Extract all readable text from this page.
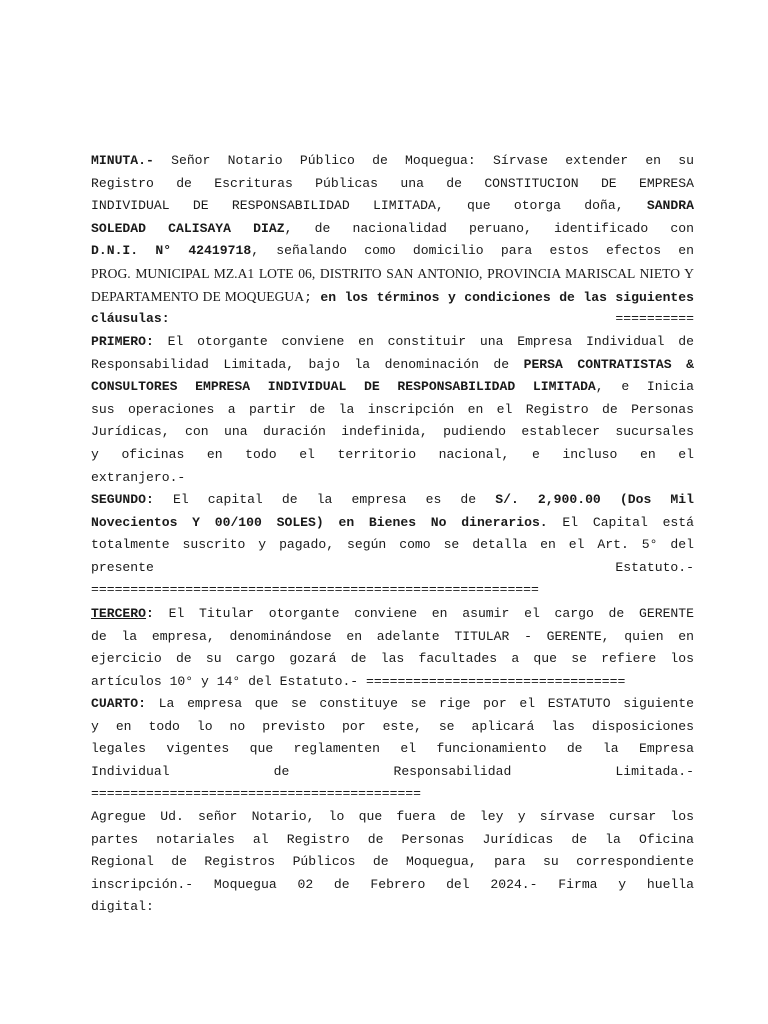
MINUTA.- Señor Notario Público de Moquegua: Sírvase extender en su
Registro de Escrituras Públicas una de CONSTITUCION DE EMPRESA
INDIVIDUAL DE RESPONSABILIDAD LIMITADA, que otorga doña, SANDRA
SOLEDAD CALISAYA DIAZ, de nacionalidad peruano, identificado con
D.N.I. N° 42419718, señalando como domicilio para estos efectos en
PROG. MUNICIPAL MZ.A1 LOTE 06, DISTRITO SAN ANTONIO, PROVINCIA MARISCAL NIETO Y
DEPARTAMENTO DE MOQUEGUA; en los términos y condiciones de las siguientes
cláusulas: ==========
PRIMERO: El otorgante conviene en constituir una Empresa Individual de
Responsabilidad Limitada, bajo la denominación de PERSA CONTRATISTAS &
CONSULTORES EMPRESA INDIVIDUAL DE RESPONSABILIDAD LIMITADA, e Inicia
sus operaciones a partir de la inscripción en el Registro de Personas
Jurídicas, con una duración indefinida, pudiendo establecer sucursales
y oficinas en todo el territorio nacional, e incluso en el
extranjero.-
SEGUNDO: El capital de la empresa es de S/. 2,900.00 (Dos Mil
Novecientos Y 00/100 SOLES) en Bienes No dinerarios. El Capital está
totalmente suscrito y pagado, según como se detalla en el Art. 5° del
presente Estatuto.-
=========================================================
TERCERO: El Titular otorgante conviene en asumir el cargo de GERENTE
de la empresa, denominándose en adelante TITULAR - GERENTE, quien en
ejercicio de su cargo gozará de las facultades a que se refiere los
artículos 10° y 14° del Estatuto.- =================================
CUARTO: La empresa que se constituye se rige por el ESTATUTO siguiente
y en todo lo no previsto por este, se aplicará las disposiciones
legales vigentes que reglamenten el funcionamiento de la Empresa
Individual de Responsabilidad Limitada.-
==========================================
Agregue Ud. señor Notario, lo que fuera de ley y sírvase cursar los
partes notariales al Registro de Personas Jurídicas de la Oficina
Regional de Registros Públicos de Moquegua, para su correspondiente
inscripción.- Moquegua 02 de Febrero del 2024.- Firma y huella
digital:
